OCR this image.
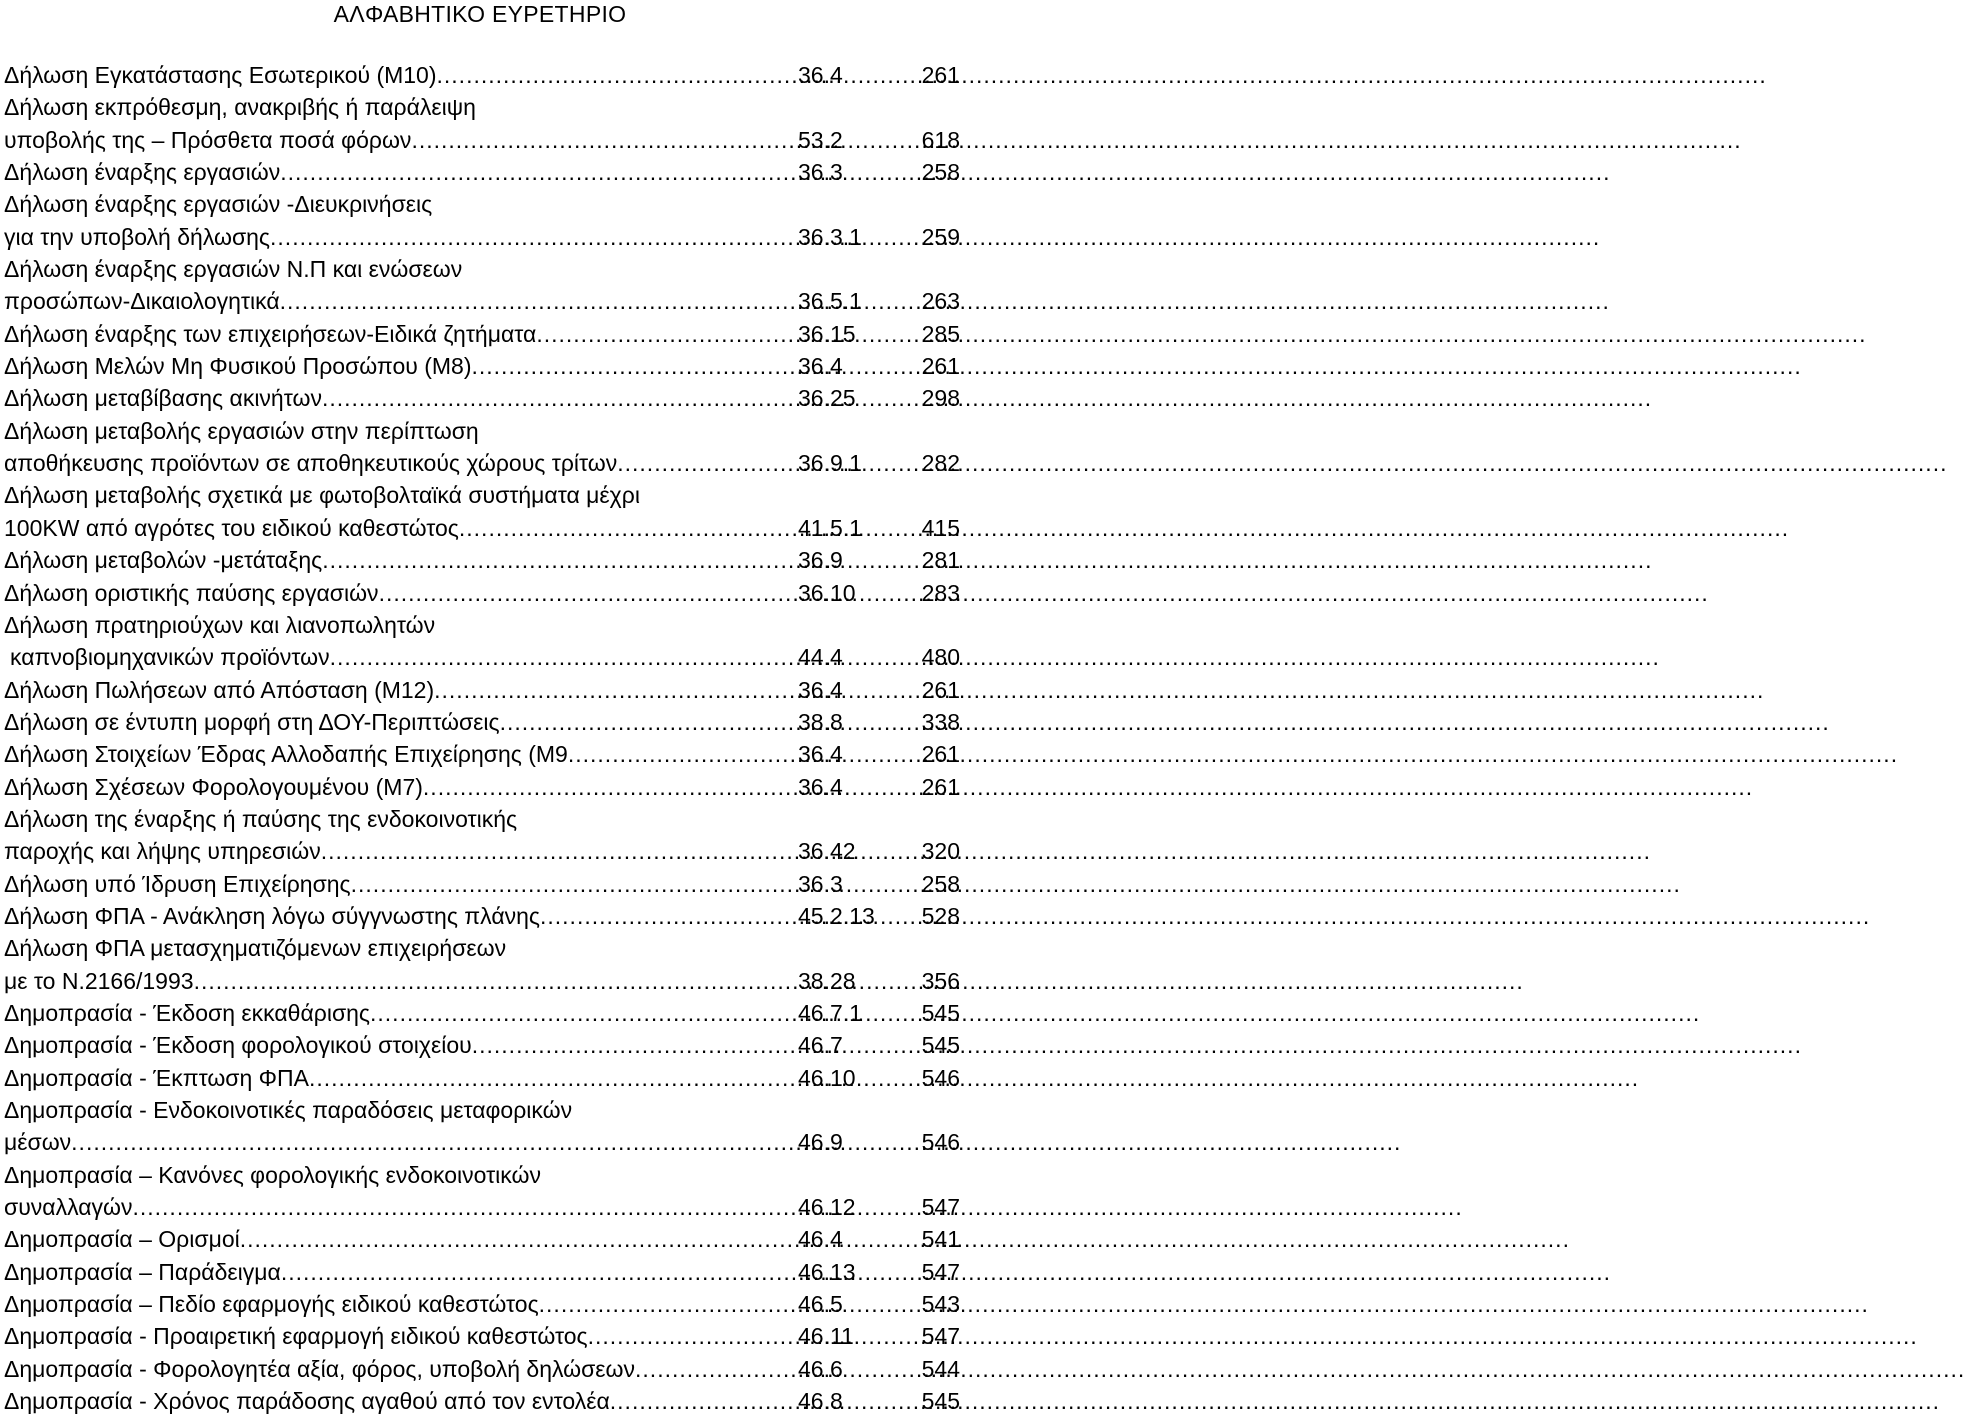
ΑΛΦΑΒΗΤΙΚΟ ΕΥΡΕΤΗΡΙΟ
Δήλωση Εγκατάστασης Εσωτερικού (Μ10) .....	36.4	261
Δήλωση εκπρόθεσμη, ανακριβής ή παράλειψη
υποβολής της – Πρόσθετα ποσά φόρων .....	53.2	618
Δήλωση έναρξης εργασιών .....	36.3	258
Δήλωση έναρξης εργασιών -Διευκρινήσεις
για την υποβολή δήλωσης .....	36.3.1	259
Δήλωση έναρξης εργασιών Ν.Π και ενώσεων
προσώπων-Δικαιολογητικά .....	36.5.1	263
Δήλωση έναρξης των επιχειρήσεων-Ειδικά ζητήματα .....	36.15	285
Δήλωση Μελών Μη Φυσικού Προσώπου (Μ8) .....	36.4	261
Δήλωση μεταβίβασης ακινήτων .....	36.25	298
Δήλωση μεταβολής εργασιών στην περίπτωση
αποθήκευσης προϊόντων σε αποθηκευτικούς χώρους τρίτων .....	36.9.1	282
Δήλωση μεταβολής σχετικά με φωτοβολταϊκά συστήματα μέχρι
100KW από αγρότες του ειδικού καθεστώτος .....	41.5.1	415
Δήλωση μεταβολών -μετάταξης .....	36.9	281
Δήλωση οριστικής παύσης εργασιών .....	36.10	283
Δήλωση πρατηριούχων και λιανοπωλητών
καπνοβιομηχανικών προϊόντων .....	44.4	480
Δήλωση Πωλήσεων από Απόσταση (Μ12) .....	36.4	261
Δήλωση σε έντυπη μορφή στη ΔΟΥ-Περιπτώσεις .....	38.8	338
Δήλωση Στοιχείων Έδρας Αλλοδαπής Επιχείρησης (Μ9 .....	36.4	261
Δήλωση Σχέσεων Φορολογουμένου (Μ7) .....	36.4	261
Δήλωση της έναρξης ή παύσης της ενδοκοινοτικής
παροχής και λήψης υπηρεσιών .....	36.42	320
Δήλωση υπό Ίδρυση Επιχείρησης .....	36.3	258
Δήλωση ΦΠΑ - Ανάκληση λόγω σύγγνωστης πλάνης .....	45.2.13	528
Δήλωση ΦΠΑ μετασχηματιζόμενων επιχειρήσεων
με το Ν.2166/1993 .....	38.28	356
Δημοπρασία - Έκδοση εκκαθάρισης .....	46.7.1	545
Δημοπρασία - Έκδοση φορολογικού στοιχείου .....	46.7	545
Δημοπρασία - Έκπτωση ΦΠΑ .....	46.10	546
Δημοπρασία - Ενδοκοινοτικές παραδόσεις μεταφορικών
μέσων .....	46.9	546
Δημοπρασία – Κανόνες φορολογικής ενδοκοινοτικών
συναλλαγών .....	46.12	547
Δημοπρασία – Ορισμοί .....	46.4	541
Δημοπρασία – Παράδειγμα .....	46.13	547
Δημοπρασία – Πεδίο εφαρμογής ειδικού καθεστώτος .....	46.5	543
Δημοπρασία - Προαιρετική εφαρμογή ειδικού καθεστώτος .....	46.11	547
Δημοπρασία - Φορολογητέα αξία, φόρος, υποβολή δηλώσεων .....	46.6	544
Δημοπρασία - Χρόνος παράδοσης αγαθού από τον εντολέα .....	46.8	545
